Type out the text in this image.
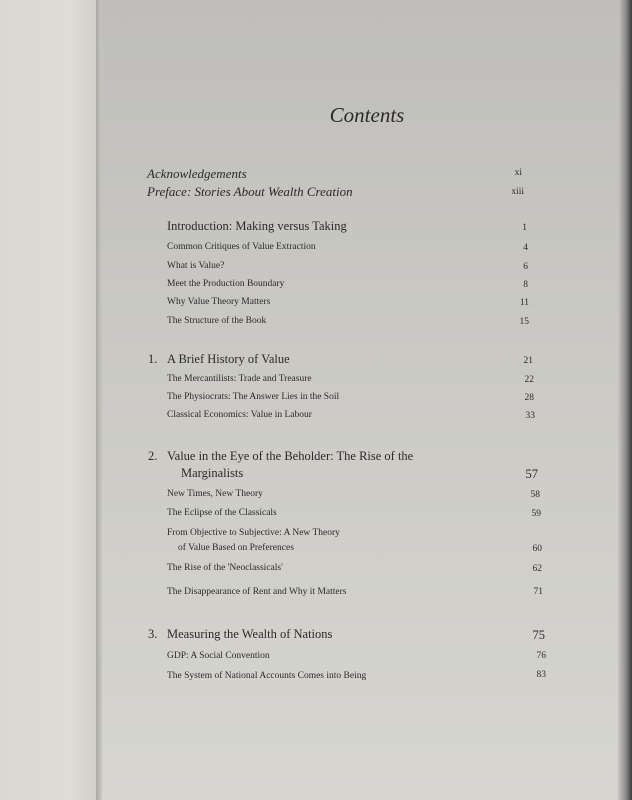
Contents
Acknowledgements	xi
Preface: Stories About Wealth Creation	xiii
Introduction: Making versus Taking	1
Common Critiques of Value Extraction	4
What is Value?	6
Meet the Production Boundary	8
Why Value Theory Matters	11
The Structure of the Book	15
1. A Brief History of Value	21
The Mercantilists: Trade and Treasure	22
The Physiocrats: The Answer Lies in the Soil	28
Classical Economics: Value in Labour	33
2. Value in the Eye of the Beholder: The Rise of the
Marginalists	57
New Times, New Theory	58
The Eclipse of the Classicals	59
From Objective to Subjective: A New Theory
of Value Based on Preferences	60
The Rise of the 'Neoclassicals'	62
The Disappearance of Rent and Why it Matters	71
3. Measuring the Wealth of Nations	75
GDP: A Social Convention	76
The System of National Accounts Comes into Being	83
